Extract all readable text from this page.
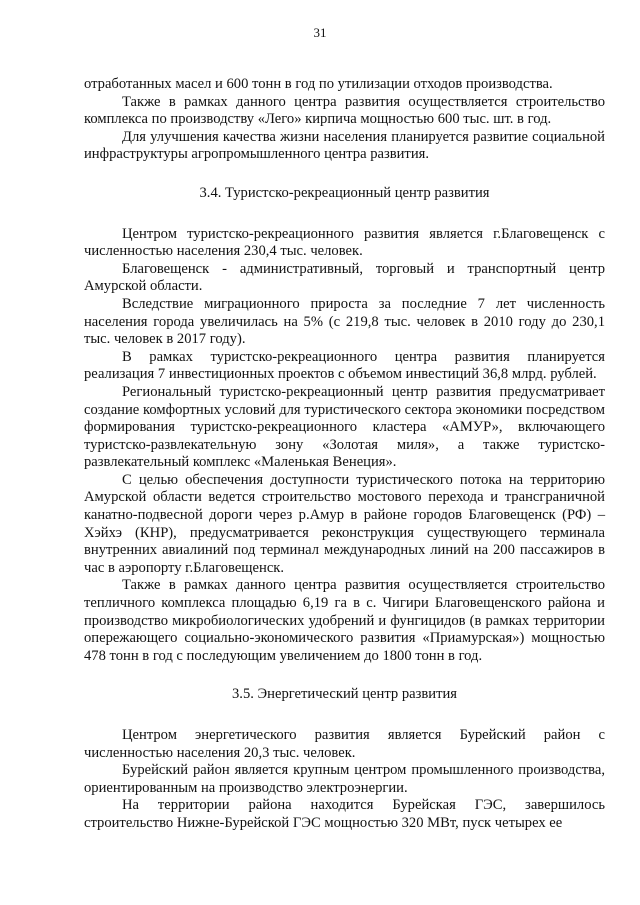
31

отработанных масел и 600 тонн в год по утилизации отходов производства.

Также в рамках данного центра развития осуществляется строительство комплекса по производству «Лего» кирпича мощностью 600 тыс. шт. в год.

Для улучшения качества жизни населения планируется развитие социальной инфраструктуры агропромышленного центра развития.

3.4. Туристско-рекреационный центр развития

Центром туристско-рекреационного развития является г.Благовещенск с численностью населения 230,4 тыс. человек.

Благовещенск - административный, торговый и транспортный центр Амурской области.

Вследствие миграционного прироста за последние 7 лет численность населения города увеличилась на 5% (с 219,8 тыс. человек в 2010 году до 230,1 тыс. человек в 2017 году).

В рамках туристско-рекреационного центра развития планируется реализация 7 инвестиционных проектов с объемом инвестиций 36,8 млрд. рублей.

Региональный туристско-рекреационный центр развития предусматривает создание комфортных условий для туристического сектора экономики посредством формирования туристско-рекреационного кластера «АМУР», включающего туристско-развлекательную зону «Золотая миля», а также туристско-развлекательный комплекс «Маленькая Венеция».

С целью обеспечения доступности туристического потока на территорию Амурской области ведется строительство мостового перехода и трансграничной канатно-подвесной дороги через р.Амур в районе городов Благовещенск (РФ) – Хэйхэ (КНР), предусматривается реконструкция существующего терминала внутренних авиалиний под терминал международных линий на 200 пассажиров в час в аэропорту г.Благовещенск.

Также в рамках данного центра развития осуществляется строительство тепличного комплекса площадью 6,19 га в с. Чигири Благовещенского района и производство микробиологических удобрений и фунгицидов (в рамках территории опережающего социально-экономического развития «Приамурская») мощностью 478 тонн в год с последующим увеличением до 1800 тонн в год.

3.5. Энергетический центр развития

Центром энергетического развития является Бурейский район с численностью населения 20,3 тыс. человек.

Бурейский район является крупным центром промышленного производства, ориентированным на производство электроэнергии.

На территории района находится Бурейская ГЭС, завершилось строительство Нижне-Бурейской ГЭС мощностью 320 МВт, пуск четырех ее
